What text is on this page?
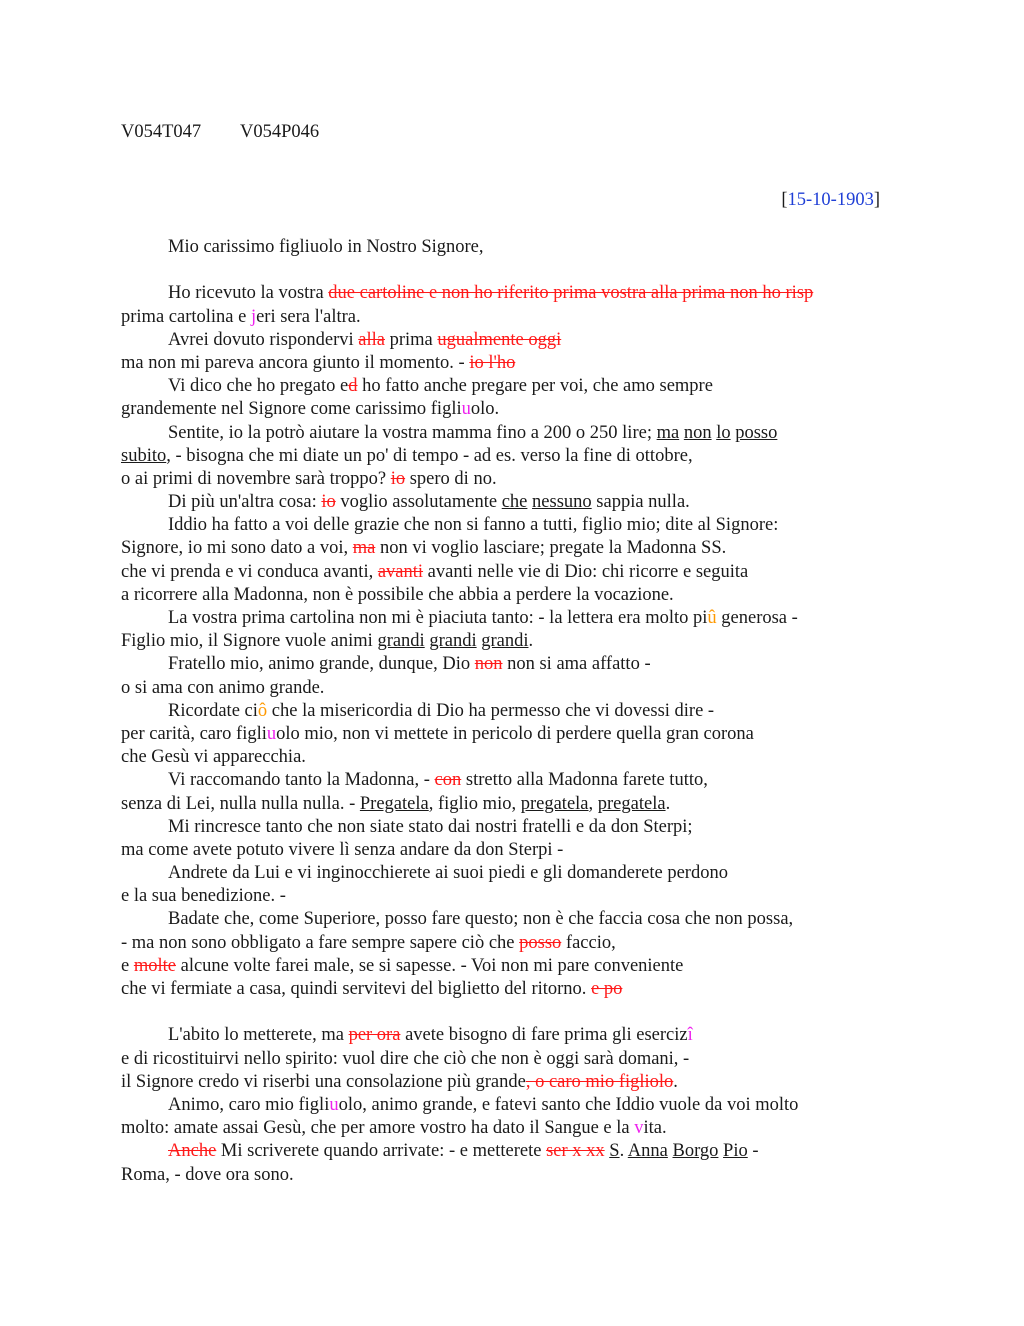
V054T047 V054P046
[15-10-1903]
Mio carissimo figliuolo in Nostro Signore,
Ho ricevuto la vostra due cartoline e non ho riferito prima vostra alla prima non ho risp
prima cartolina e jeri sera l'altra.
Avrei dovuto rispondervi alla prima ugualmente oggi
ma non mi pareva ancora giunto il momento. - io l'ho
Vi dico che ho pregato ed ho fatto anche pregare per voi, che amo sempre
grandemente nel Signore come carissimo figliuolo.
Sentite, io la potrò aiutare la vostra mamma fino a 200 o 250 lire; ma non lo posso
subito, - bisogna che mi diate un po' di tempo - ad es. verso la fine di ottobre,
o ai primi di novembre sarà troppo? io spero di no.
Di più un'altra cosa: io voglio assolutamente che nessuno sappia nulla.
Iddio ha fatto a voi delle grazie che non si fanno a tutti, figlio mio; dite al Signore:
Signore, io mi sono dato a voi, ma non vi voglio lasciare; pregate la Madonna SS.
che vi prenda e vi conduca avanti, avanti avanti nelle vie di Dio: chi ricorre e seguita
a ricorrere alla Madonna, non è possibile che abbia a perdere la vocazione.
La vostra prima cartolina non mi è piaciuta tanto: - la lettera era molto piû generosa -
Figlio mio, il Signore vuole animi grandi grandi grandi.
Fratello mio, animo grande, dunque, Dio non non si ama affatto -
o si ama con animo grande.
Ricordate ciô che la misericordia di Dio ha permesso che vi dovessi dire -
per carità, caro figliuolo mio, non vi mettete in pericolo di perdere quella gran corona
che Gesù vi apparecchia.
Vi raccomando tanto la Madonna, - con stretto alla Madonna farete tutto,
senza di Lei, nulla nulla nulla. - Pregatela, figlio mio, pregatela, pregatela.
Mi rincresce tanto che non siate stato dai nostri fratelli e da don Sterpi;
ma come avete potuto vivere lì senza andare da don Sterpi -
Andrete da Lui e vi inginocchierete ai suoi piedi e gli domanderete perdono
e la sua benedizione. -
Badate che, come Superiore, posso fare questo; non è che faccia cosa che non possa,
- ma non sono obbligato a fare sempre sapere ciò che posso faccio,
e molte alcune volte farei male, se si sapesse. - Voi non mi pare conveniente
che vi fermiate a casa, quindi servitevi del biglietto del ritorno. e po
L'abito lo metterete, ma per ora avete bisogno di fare prima gli esercizî
e di ricostituirvi nello spirito: vuol dire che ciò che non è oggi sarà domani, -
il Signore credo vi riserbi una consolazione più grande, o caro mio figliolo.
Animo, caro mio figliuolo, animo grande, e fatevi santo che Iddio vuole da voi molto
molto: amate assai Gesù, che per amore vostro ha dato il Sangue e la vita.
Anche Mi scriverete quando arrivate: - e metterete ser x xx S. Anna Borgo Pio -
Roma, - dove ora sono.
